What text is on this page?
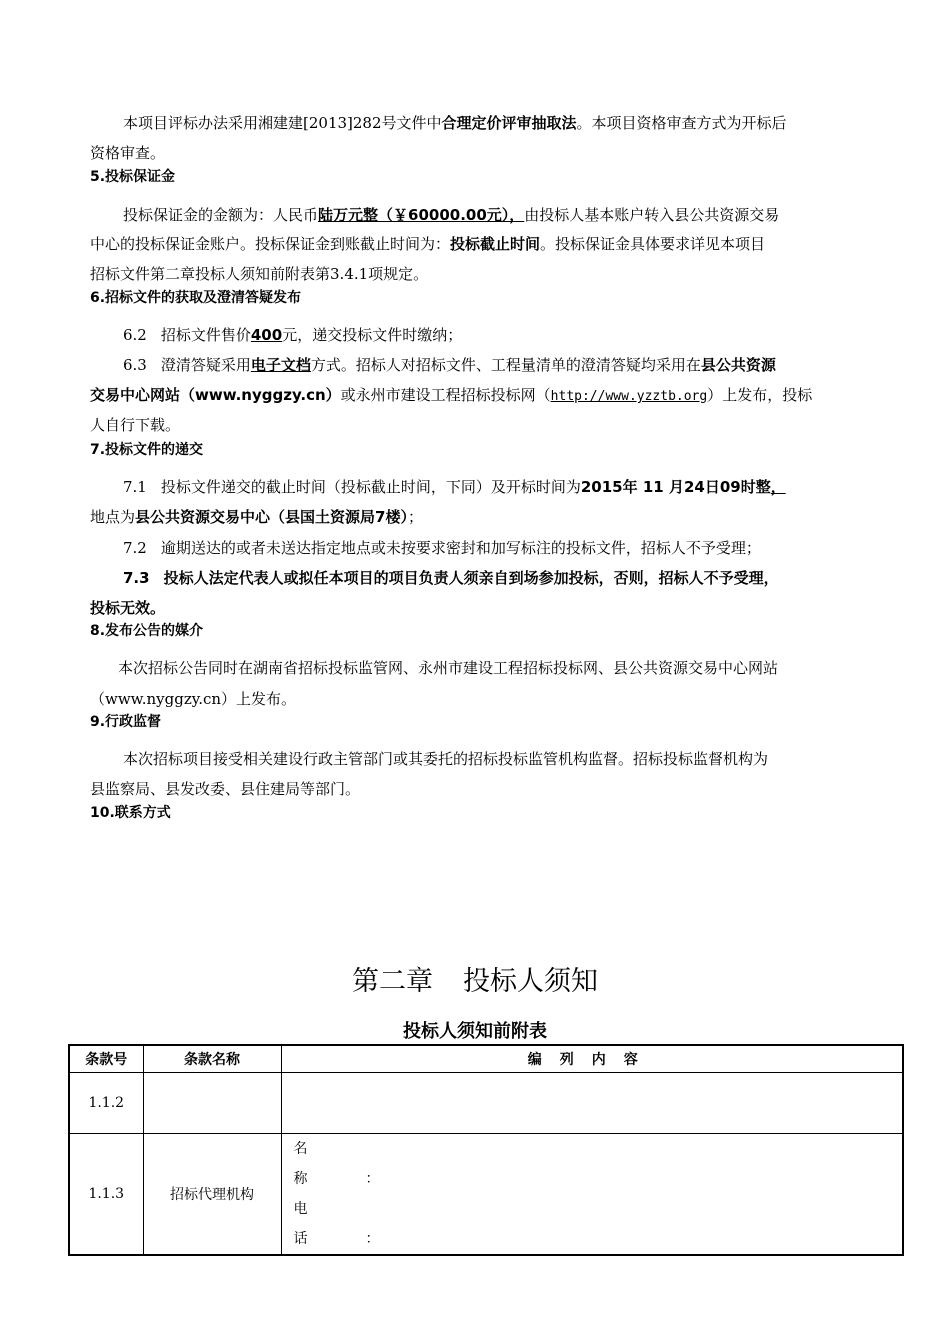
本项目评标办法采用湘建建[2013]282号文件中合理定价评审抽取法。本项目资格审查方式为开标后
资格审查。
5.投标保证金
投标保证金的金额为：人民币陆万元整（￥60000.00元），由投标人基本账户转入县公共资源交易
中心的投标保证金账户。投标保证金到账截止时间为：投标截止时间。投标保证金具体要求详见本项目
招标文件第二章投标人须知前附表第3.4.1项规定。
6.招标文件的获取及澄清答疑发布
6.2 招标文件售价400元，递交投标文件时缴纳；
6.3 澄清答疑采用电子文档方式。招标人对招标文件、工程量清单的澄清答疑均采用在县公共资源
交易中心网站（www.nyggzy.cn）或永州市建设工程招标投标网（http://www.yzztb.org）上发布，投标
人自行下载。
7.投标文件的递交
7.1 投标文件递交的截止时间（投标截止时间，下同）及开标时间为2015年 11 月24日09时整，
地点为县公共资源交易中心（县国土资源局7楼）；
7.2 逾期送达的或者未送达指定地点或未按要求密封和加写标注的投标文件，招标人不予受理；
7.3 投标人法定代表人或拟任本项目的项目负责人须亲自到场参加投标，否则，招标人不予受理，
投标无效。
8.发布公告的媒介
本次招标公告同时在湖南省招标投标监管网、永州市建设工程招标投标网、县公共资源交易中心网站
（www.nyggzy.cn）上发布。
9.行政监督
本次招标项目接受相关建设行政主管部门或其委托的招标投标监管机构监督。招标投标监督机构为
县监察局、县发改委、县住建局等部门。
10.联系方式
第二章 投标人须知
投标人须知前附表
条款号	条款名称	编列内容
1.1.2		
1.1.3	招标代理机构	名称 ：
电话 ：
